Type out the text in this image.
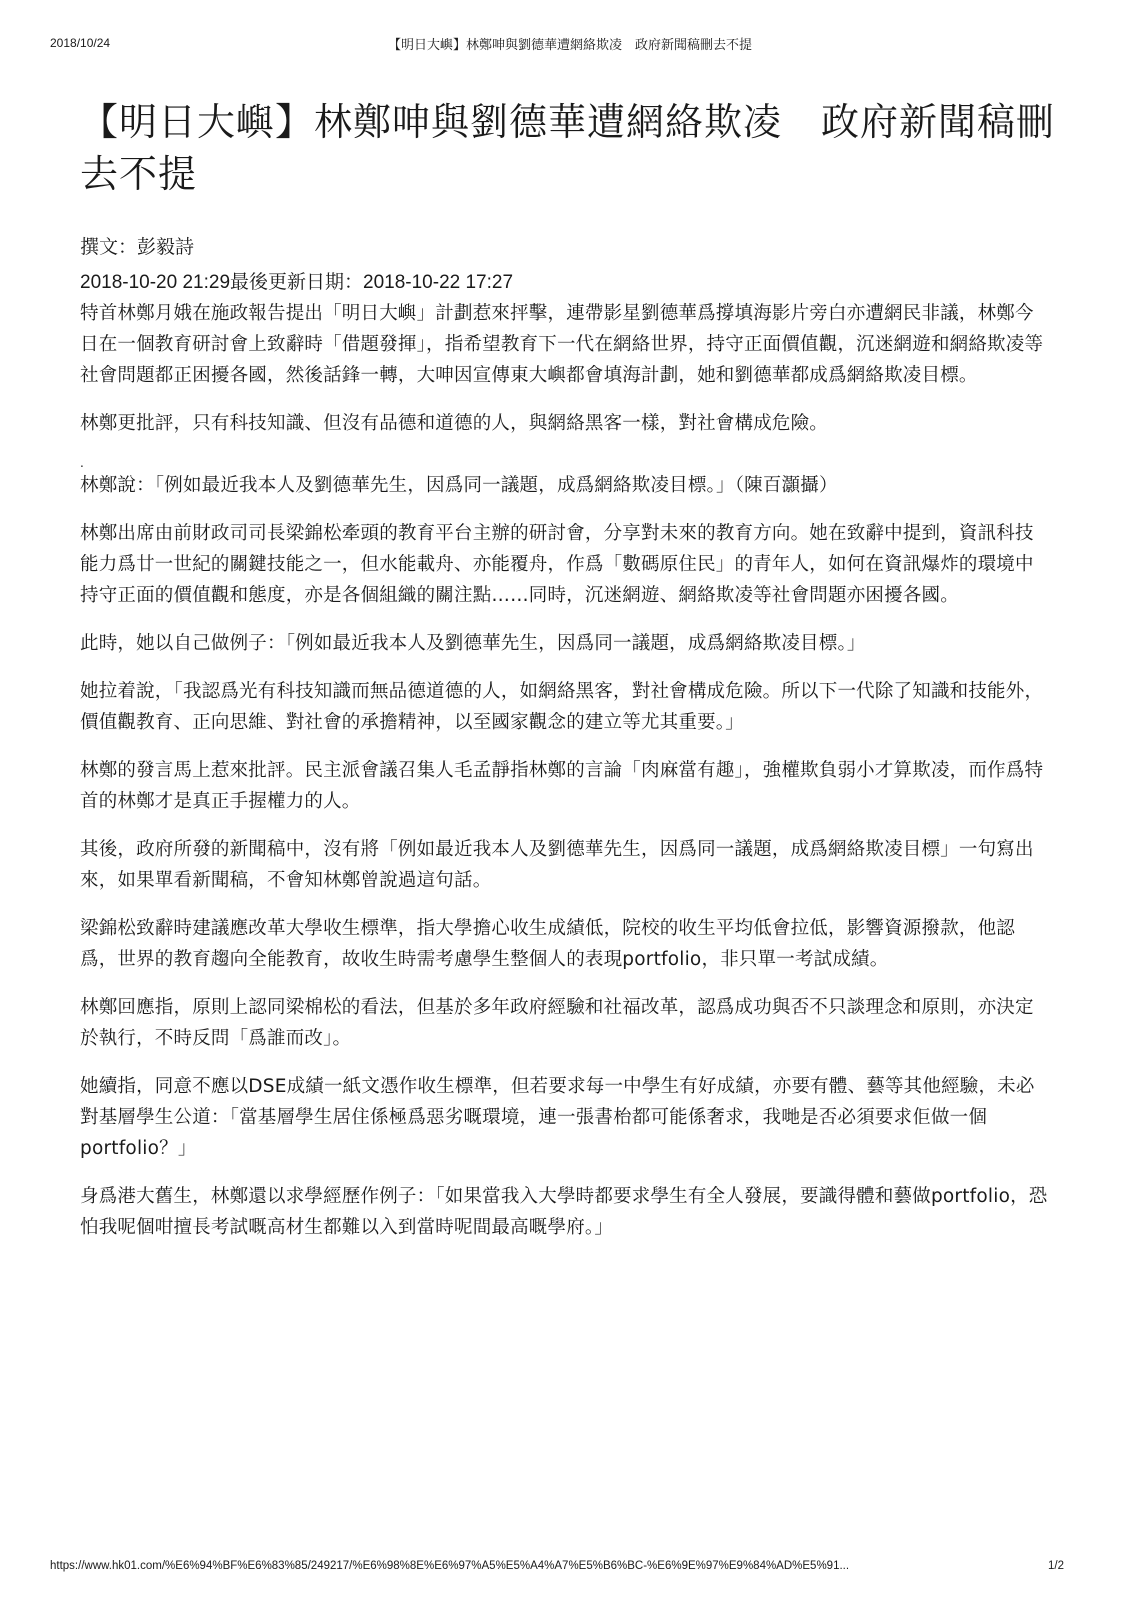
2018/10/24	【明日大嶼】林鄭呻與劉德華遭網絡欺凌　政府新聞稿刪去不提
【明日大嶼】林鄭呻與劉德華遭網絡欺凌　政府新聞稿刪去不提
撰文：彭毅詩
2018-10-20 21:29最後更新日期：2018-10-22 17:27

特首林鄭月娥在施政報告提出「明日大嶼」計劃惹來抨擊，連帶影星劉德華爲撐填海影片旁白亦遭網民非議，林鄭今日在一個教育研討會上致辭時「借題發揮」，指希望教育下一代在網絡世界，持守正面價值觀，沉迷網遊和網絡欺凌等社會問題都正困擾各國，然後話鋒一轉，大呻因宣傳東大嶼都會填海計劃，她和劉德華都成爲網絡欺凌目標。

林鄭更批評，只有科技知識、但沒有品德和道德的人，與網絡黑客一樣，對社會構成危險。

.

林鄭說：「例如最近我本人及劉德華先生，因爲同一議題，成爲網絡欺凌目標。」（陳百灝攝）

林鄭出席由前財政司司長梁錦松牽頭的教育平台主辦的研討會，分享對未來的教育方向。她在致辭中提到，資訊科技能力爲廿一世紀的關鍵技能之一，但水能載舟、亦能覆舟，作爲「數碼原住民」的青年人，如何在資訊爆炸的環境中持守正面的價值觀和態度，亦是各個組織的關注點……同時，沉迷網遊、網絡欺凌等社會問題亦困擾各國。

此時，她以自己做例子：「例如最近我本人及劉德華先生，因爲同一議題，成爲網絡欺凌目標。」

她拉着說，「我認爲光有科技知識而無品德道德的人，如網絡黑客，對社會構成危險。所以下一代除了知識和技能外，價值觀教育、正向思維、對社會的承擔精神，以至國家觀念的建立等尤其重要。」

林鄭的發言馬上惹來批評。民主派會議召集人毛孟靜指林鄭的言論「肉麻當有趣」，強權欺負弱小才算欺凌，而作爲特首的林鄭才是真正手握權力的人。

其後，政府所發的新聞稿中，沒有將「例如最近我本人及劉德華先生，因爲同一議題，成爲網絡欺凌目標」一句寫出來，如果單看新聞稿，不會知林鄭曾說過這句話。

梁錦松致辭時建議應改革大學收生標準，指大學擔心收生成績低，院校的收生平均低會拉低，影響資源撥款，他認爲，世界的教育趨向全能教育，故收生時需考慮學生整個人的表現portfolio，非只單一考試成績。

林鄭回應指，原則上認同梁棉松的看法，但基於多年政府經驗和社福改革，認爲成功與否不只談理念和原則，亦決定於執行，不時反問「爲誰而改」。

她續指，同意不應以DSE成績一紙文憑作收生標準，但若要求每一中學生有好成績，亦要有體、藝等其他經驗，未必對基層學生公道：「當基層學生居住係極爲惡劣嘅環境，連一張書枱都可能係奢求，我哋是否必須要求佢做一個portfolio？」

身爲港大舊生，林鄭還以求學經歷作例子：「如果當我入大學時都要求學生有全人發展，要識得體和藝做portfolio，恐怕我呢個咁擅長考試嘅高材生都難以入到當時呢間最高嘅學府。」

https://www.hk01.com/%E6%94%BF%E6%83%85/249217/%E6%98%8E%E6%97%A5%E5%A4%A7%E5%B6%BC-%E6%9E%97%E9%84%AD%E5%91...	1/2
